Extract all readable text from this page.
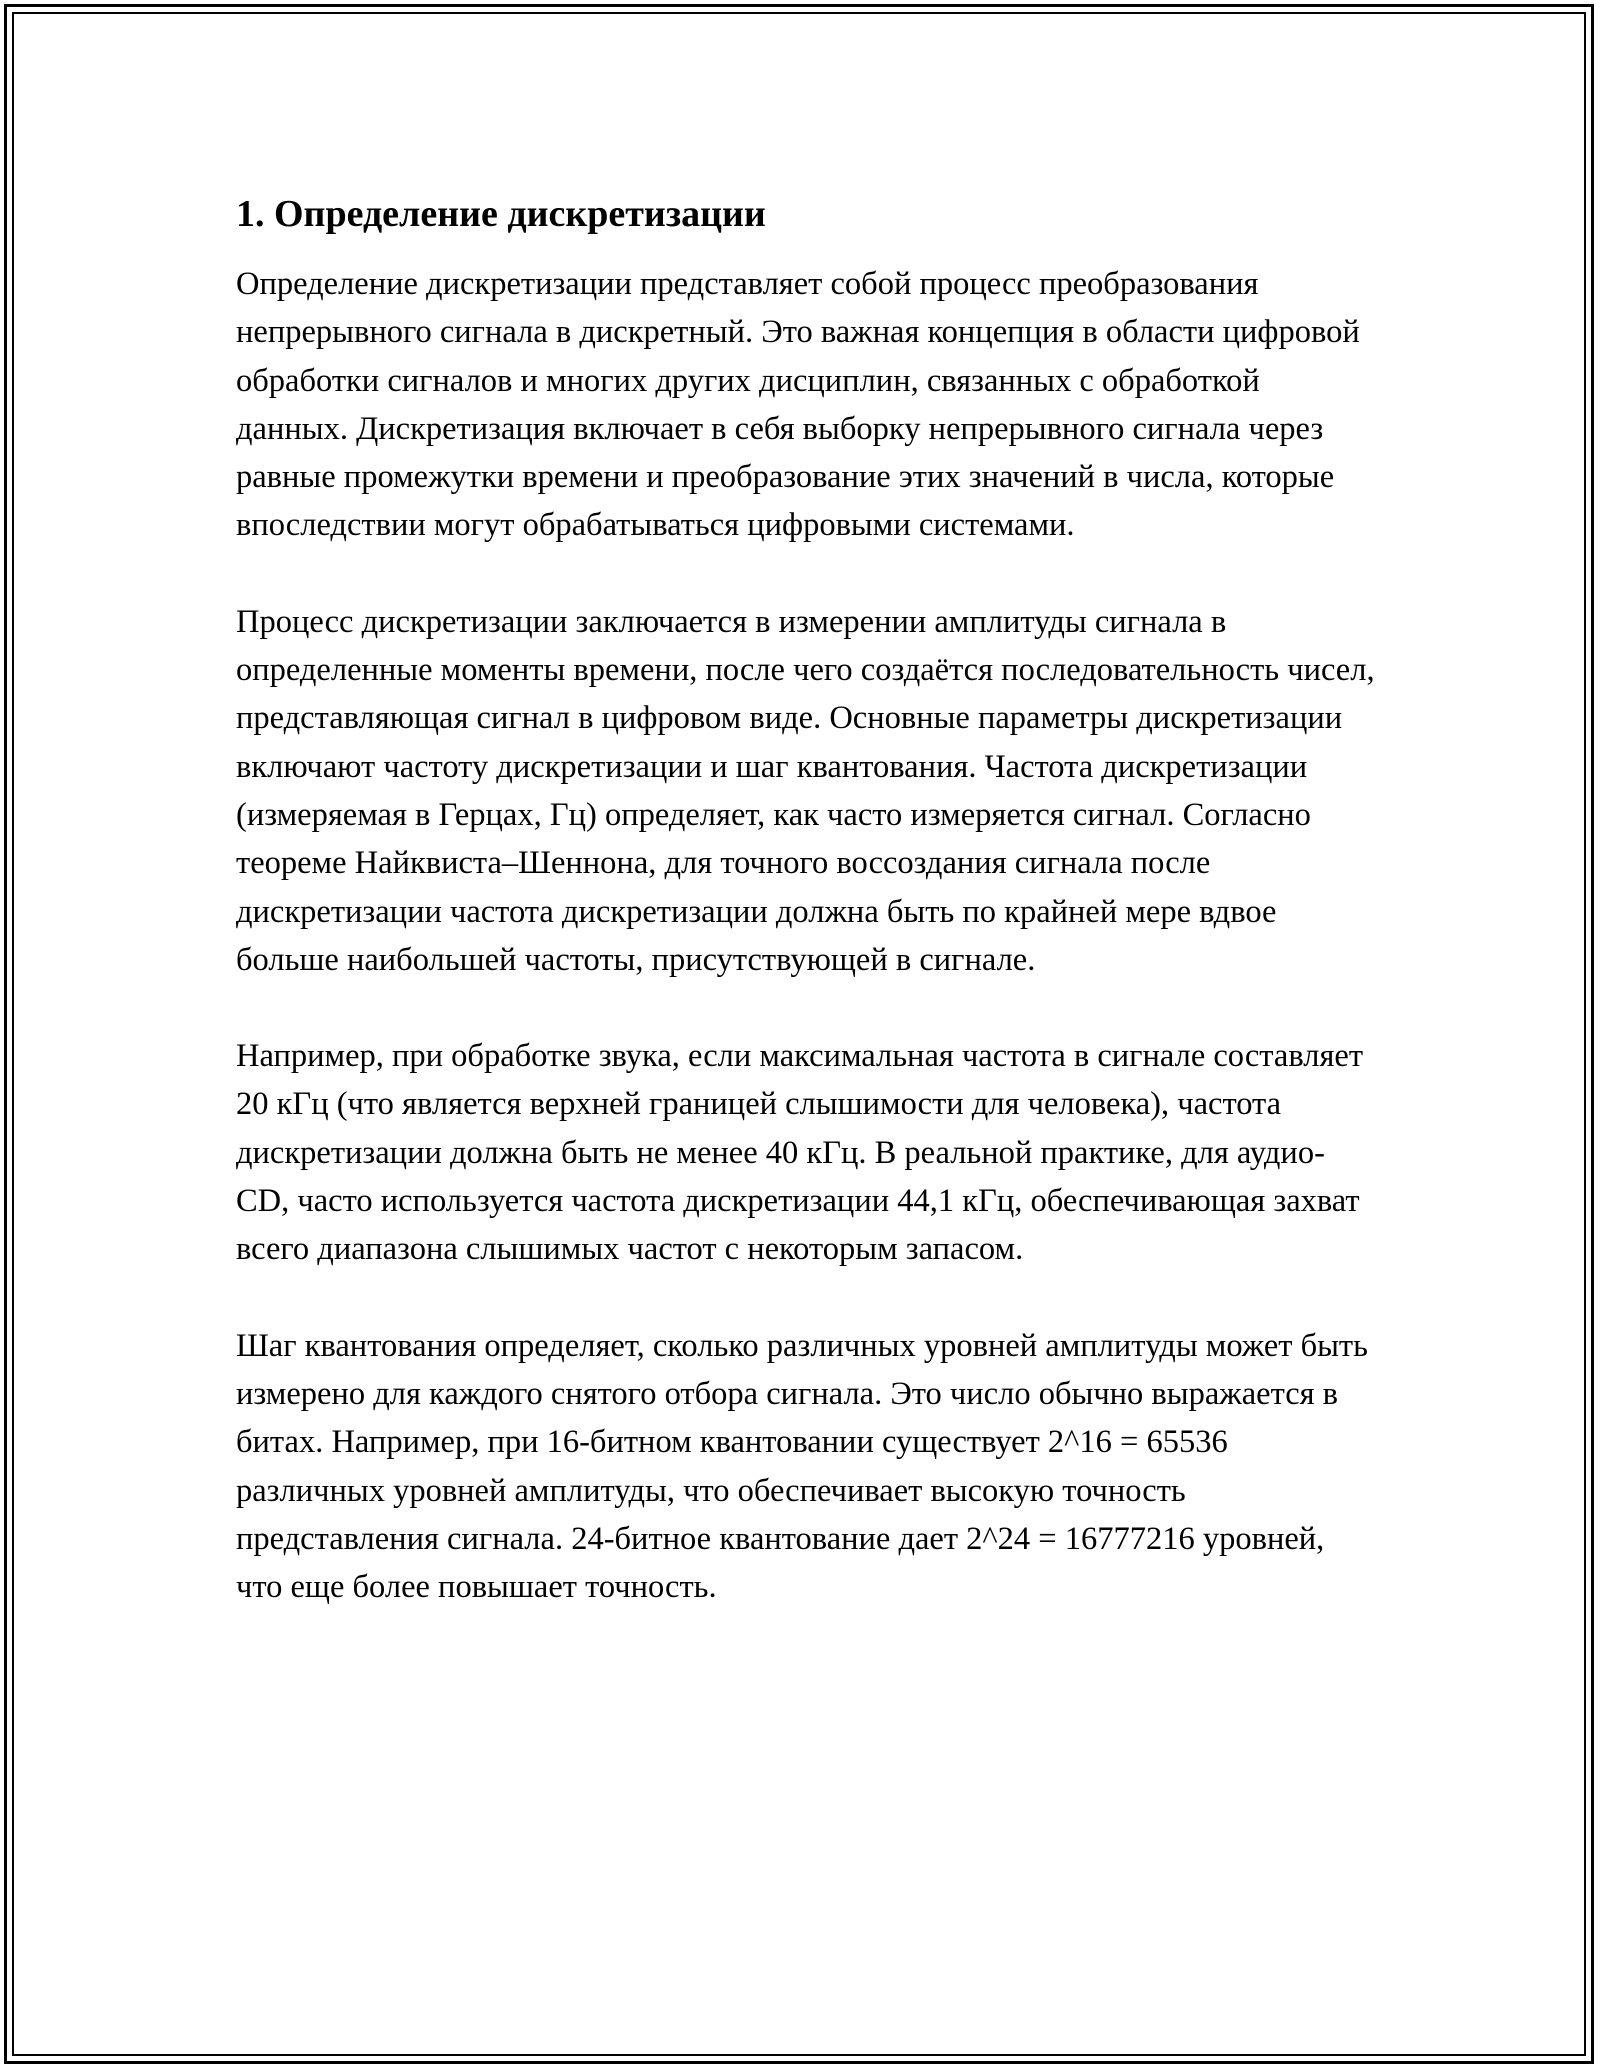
1. Определение дискретизации

Определение дискретизации представляет собой процесс преобразования непрерывного сигнала в дискретный. Это важная концепция в области цифровой обработки сигналов и многих других дисциплин, связанных с обработкой данных. Дискретизация включает в себя выборку непрерывного сигнала через равные промежутки времени и преобразование этих значений в числа, которые впоследствии могут обрабатываться цифровыми системами.

Процесс дискретизации заключается в измерении амплитуды сигнала в определенные моменты времени, после чего создаётся последовательность чисел, представляющая сигнал в цифровом виде. Основные параметры дискретизации включают частоту дискретизации и шаг квантования. Частота дискретизации (измеряемая в Герцах, Гц) определяет, как часто измеряется сигнал. Согласно теореме Найквиста–Шеннона, для точного воссоздания сигнала после дискретизации частота дискретизации должна быть по крайней мере вдвое больше наибольшей частоты, присутствующей в сигнале.

Например, при обработке звука, если максимальная частота в сигнале составляет 20 кГц (что является верхней границей слышимости для человека), частота дискретизации должна быть не менее 40 кГц. В реальной практике, для аудио-CD, часто используется частота дискретизации 44,1 кГц, обеспечивающая захват всего диапазона слышимых частот с некоторым запасом.

Шаг квантования определяет, сколько различных уровней амплитуды может быть измерено для каждого снятого отбора сигнала. Это число обычно выражается в битах. Например, при 16-битном квантовании существует 2^16 = 65536 различных уровней амплитуды, что обеспечивает высокую точность представления сигнала. 24-битное квантование дает 2^24 = 16777216 уровней, что еще более повышает точность.
